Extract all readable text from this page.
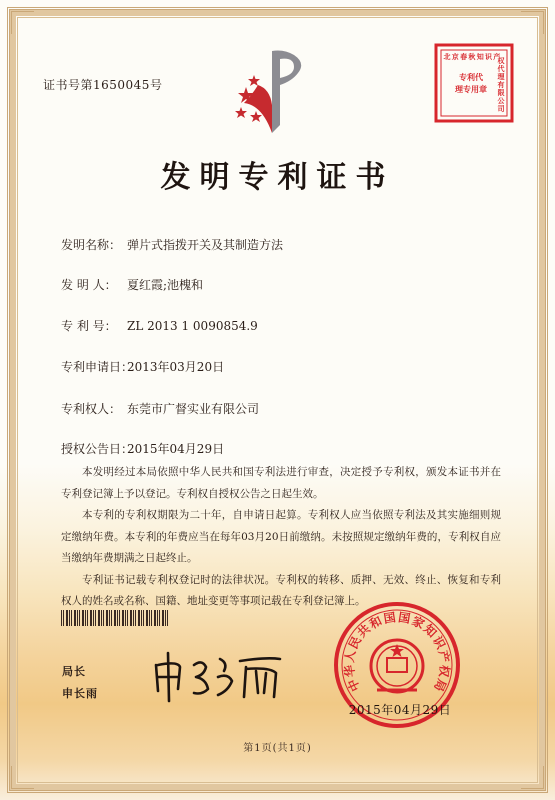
证书号第1650045号
北 京 春 秋 知 识 产
权
代
理
有
限
公
司
专利代
理专用章
发明专利证书
发明名称： 弹片式指拨开关及其制造方法
发 明 人： 夏红霞;池槐和
专 利 号： ZL 2013 1 0090854.9
专利申请日：2013年03月20日
专利权人： 东莞市广督实业有限公司
授权公告日：2015年04月29日

本发明经过本局依照中华人民共和国专利法进行审查，决定授予专利权，颁发本证书并在专利登记簿上予以登记。专利权自授权公告之日起生效。

本专利的专利权期限为二十年，自申请日起算。专利权人应当依照专利法及其实施细则规定缴纳年费。本专利的年费应当在每年03月20日前缴纳。未按照规定缴纳年费的，专利权自应当缴纳年费期满之日起终止。

专利证书记载专利权登记时的法律状况。专利权的转移、质押、无效、终止、恢复和专利权人的姓名或名称、国籍、地址变更等事项记载在专利登记簿上。

局长
申长雨	中
华
人
民
共
和
国 国
家
知
识
产
权
局
2015年04月29日
第1页(共1页)
